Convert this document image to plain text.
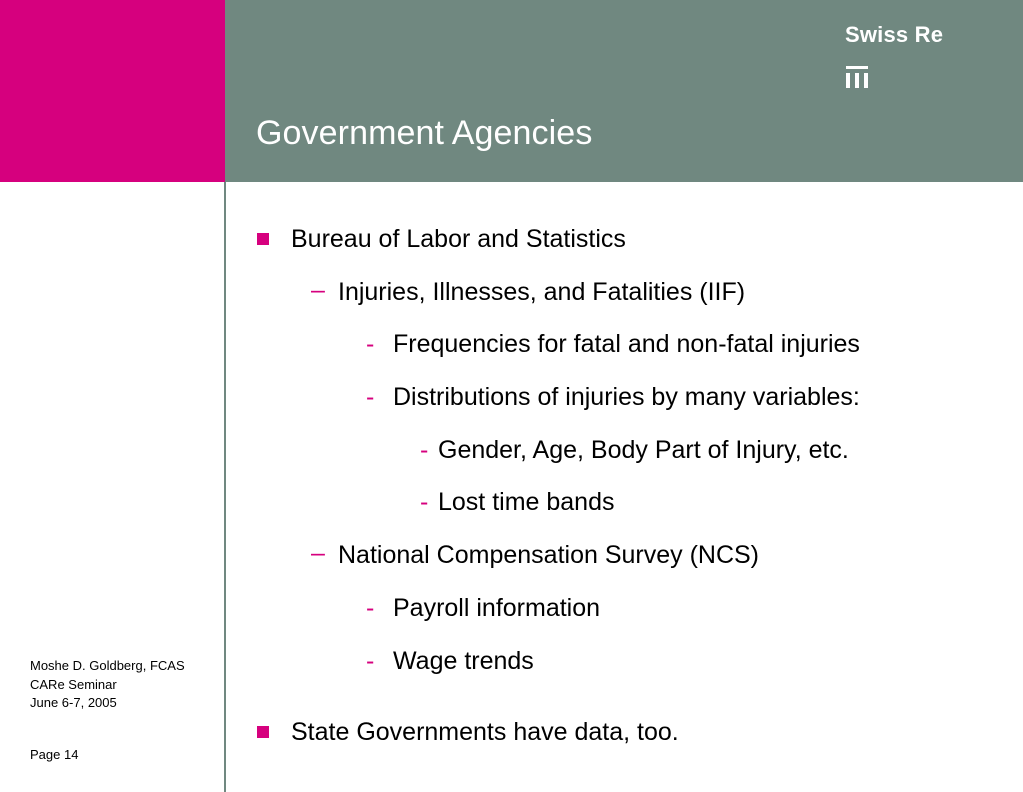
Swiss Re
Government Agencies
Bureau of Labor and Statistics
– Injuries, Illnesses, and Fatalities (IIF)
- Frequencies for fatal and non-fatal injuries
- Distributions of injuries by many variables:
- Gender, Age, Body Part of Injury, etc.
- Lost time bands
– National Compensation Survey (NCS)
- Payroll information
- Wage trends
State Governments have data, too.
Moshe D. Goldberg, FCAS
CARe Seminar
June 6-7, 2005
Page 14
